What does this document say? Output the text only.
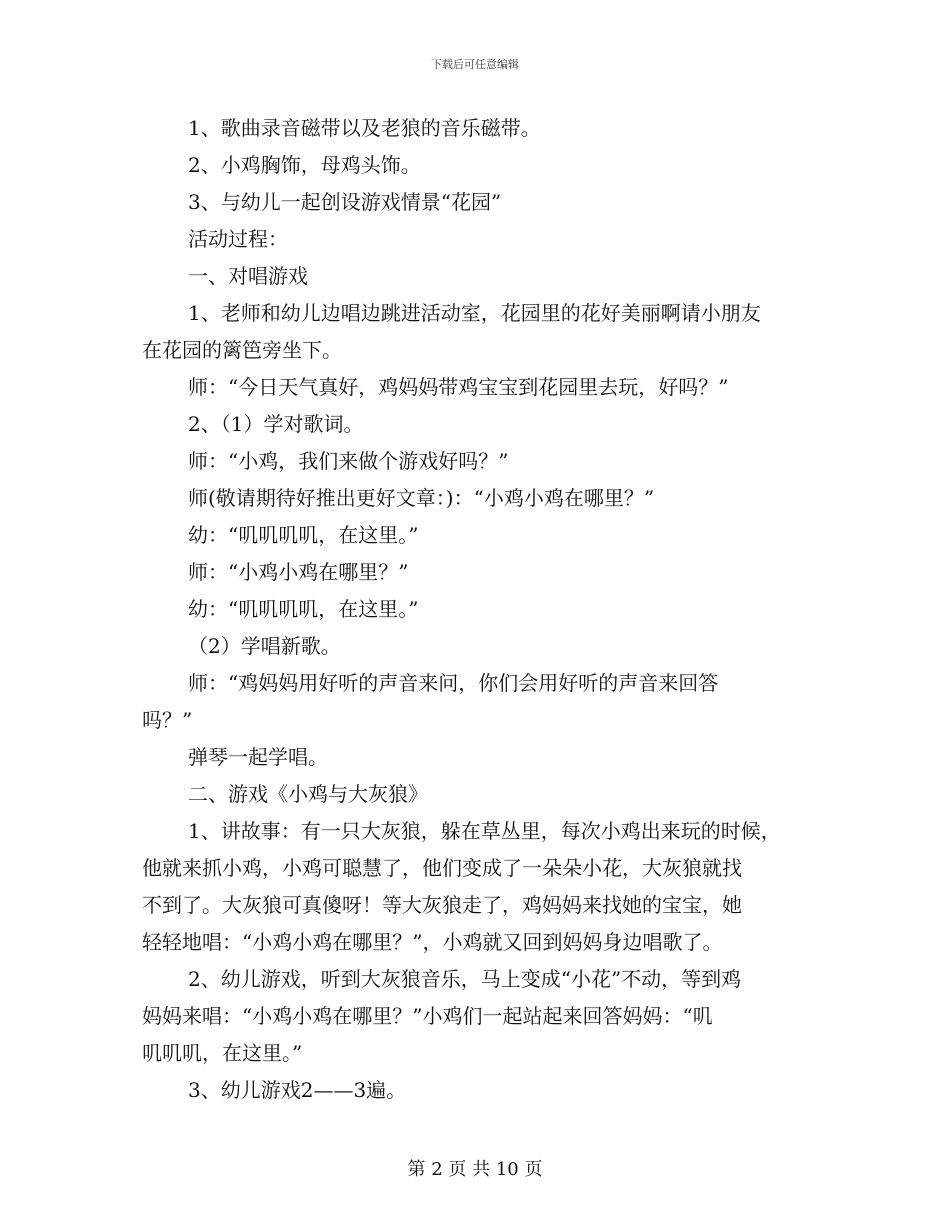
下载后可任意编辑
1、歌曲录音磁带以及老狼的音乐磁带。
2、小鸡胸饰，母鸡头饰。
3、与幼儿一起创设游戏情景“花园”
活动过程：
一、对唱游戏
1、老师和幼儿边唱边跳进活动室，花园里的花好美丽啊请小朋友
在花园的篱笆旁坐下。
师：“今日天气真好，鸡妈妈带鸡宝宝到花园里去玩，好吗？”
2、（1）学对歌词。
师：“小鸡，我们来做个游戏好吗？”
师(敬请期待好推出更好文章：)：“小鸡小鸡在哪里？”
幼：“叽叽叽叽，在这里。”
师：“小鸡小鸡在哪里？”
幼：“叽叽叽叽，在这里。”
（2）学唱新歌。
师：“鸡妈妈用好听的声音来问，你们会用好听的声音来回答
吗？”
弹琴一起学唱。
二、游戏《小鸡与大灰狼》
1、讲故事：有一只大灰狼，躲在草丛里，每次小鸡出来玩的时候，
他就来抓小鸡，小鸡可聪慧了，他们变成了一朵朵小花，大灰狼就找
不到了。大灰狼可真傻呀！等大灰狼走了，鸡妈妈来找她的宝宝，她
轻轻地唱：“小鸡小鸡在哪里？”，小鸡就又回到妈妈身边唱歌了。
2、幼儿游戏，听到大灰狼音乐，马上变成“小花”不动，等到鸡
妈妈来唱：“小鸡小鸡在哪里？”小鸡们一起站起来回答妈妈：“叽
叽叽叽，在这里。”
3、幼儿游戏2——3遍。
第 2 页 共 10 页
